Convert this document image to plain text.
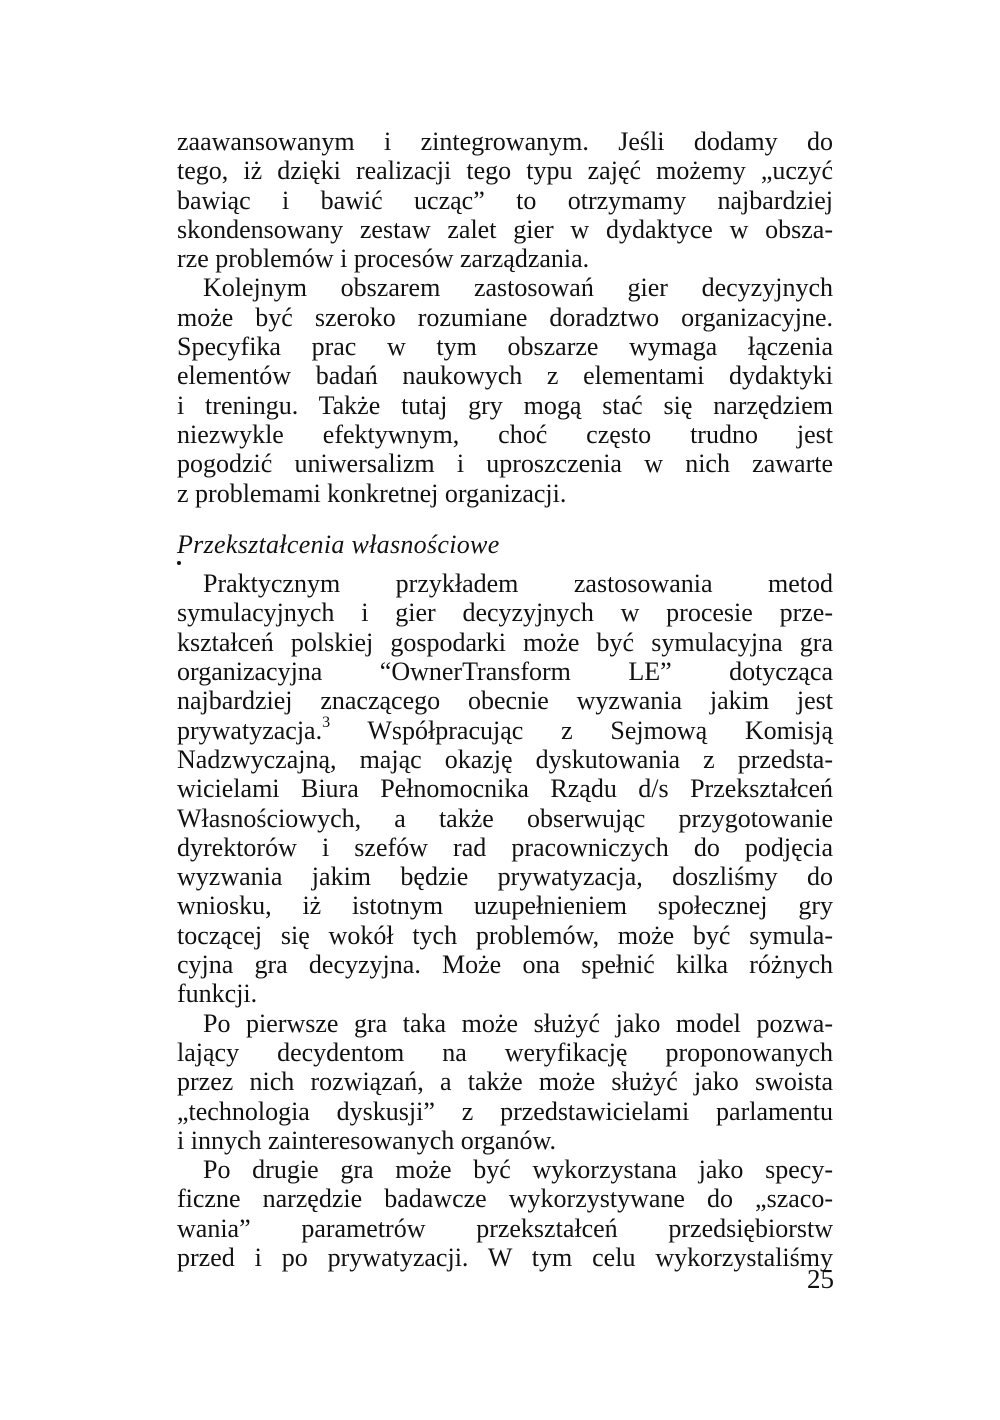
zaawansowanym i zintegrowanym. Jeśli dodamy do
tego, iż dzięki realizacji tego typu zajęć możemy „uczyć
bawiąc i bawić ucząc” to otrzymamy najbardziej
skondensowany zestaw zalet gier w dydaktyce w obsza-
rze problemów i procesów zarządzania.
Kolejnym obszarem zastosowań gier decyzyjnych
może być szeroko rozumiane doradztwo organizacyjne.
Specyfika prac w tym obszarze wymaga łączenia
elementów badań naukowych z elementami dydaktyki
i treningu. Także tutaj gry mogą stać się narzędziem
niezwykle efektywnym, choć często trudno jest
pogodzić uniwersalizm i uproszczenia w nich zawarte
z problemami konkretnej organizacji.
Przekształcenia własnościowe
Praktycznym przykładem zastosowania metod
symulacyjnych i gier decyzyjnych w procesie prze-
kształceń polskiej gospodarki może być symulacyjna gra
organizacyjna “OwnerTransform LE” dotycząca
najbardziej znaczącego obecnie wyzwania jakim jest
prywatyzacja.$^3$ Współpracując z Sejmową Komisją
Nadzwyczajną, mając okazję dyskutowania z przedsta-
wicielami Biura Pełnomocnika Rządu d/s Przekształceń
Własnościowych, a także obserwując przygotowanie
dyrektorów i szefów rad pracowniczych do podjęcia
wyzwania jakim będzie prywatyzacja, doszliśmy do
wniosku, iż istotnym uzupełnieniem społecznej gry
toczącej się wokół tych problemów, może być symula-
cyjna gra decyzyjna. Może ona spełnić kilka różnych
funkcji.
Po pierwsze gra taka może służyć jako model pozwa-
lający decydentom na weryfikację proponowanych
przez nich rozwiązań, a także może służyć jako swoista
„technologia dyskusji” z przedstawicielami parlamentu
i innych zainteresowanych organów.
Po drugie gra może być wykorzystana jako specy-
ficzne narzędzie badawcze wykorzystywane do „szaco-
wania” parametrów przekształceń przedsiębiorstw
przed i po prywatyzacji. W tym celu wykorzystaliśmy
25
